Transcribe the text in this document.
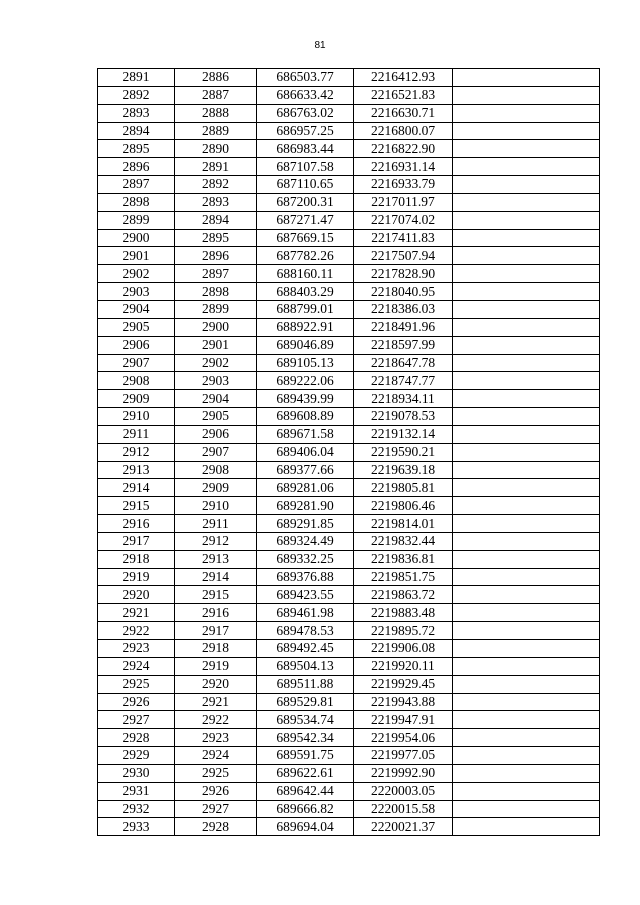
81
2891	2886	686503.77	2216412.93	
2892	2887	686633.42	2216521.83	
2893	2888	686763.02	2216630.71	
2894	2889	686957.25	2216800.07	
2895	2890	686983.44	2216822.90	
2896	2891	687107.58	2216931.14	
2897	2892	687110.65	2216933.79	
2898	2893	687200.31	2217011.97	
2899	2894	687271.47	2217074.02	
2900	2895	687669.15	2217411.83	
2901	2896	687782.26	2217507.94	
2902	2897	688160.11	2217828.90	
2903	2898	688403.29	2218040.95	
2904	2899	688799.01	2218386.03	
2905	2900	688922.91	2218491.96	
2906	2901	689046.89	2218597.99	
2907	2902	689105.13	2218647.78	
2908	2903	689222.06	2218747.77	
2909	2904	689439.99	2218934.11	
2910	2905	689608.89	2219078.53	
2911	2906	689671.58	2219132.14	
2912	2907	689406.04	2219590.21	
2913	2908	689377.66	2219639.18	
2914	2909	689281.06	2219805.81	
2915	2910	689281.90	2219806.46	
2916	2911	689291.85	2219814.01	
2917	2912	689324.49	2219832.44	
2918	2913	689332.25	2219836.81	
2919	2914	689376.88	2219851.75	
2920	2915	689423.55	2219863.72	
2921	2916	689461.98	2219883.48	
2922	2917	689478.53	2219895.72	
2923	2918	689492.45	2219906.08	
2924	2919	689504.13	2219920.11	
2925	2920	689511.88	2219929.45	
2926	2921	689529.81	2219943.88	
2927	2922	689534.74	2219947.91	
2928	2923	689542.34	2219954.06	
2929	2924	689591.75	2219977.05	
2930	2925	689622.61	2219992.90	
2931	2926	689642.44	2220003.05	
2932	2927	689666.82	2220015.58	
2933	2928	689694.04	2220021.37	
